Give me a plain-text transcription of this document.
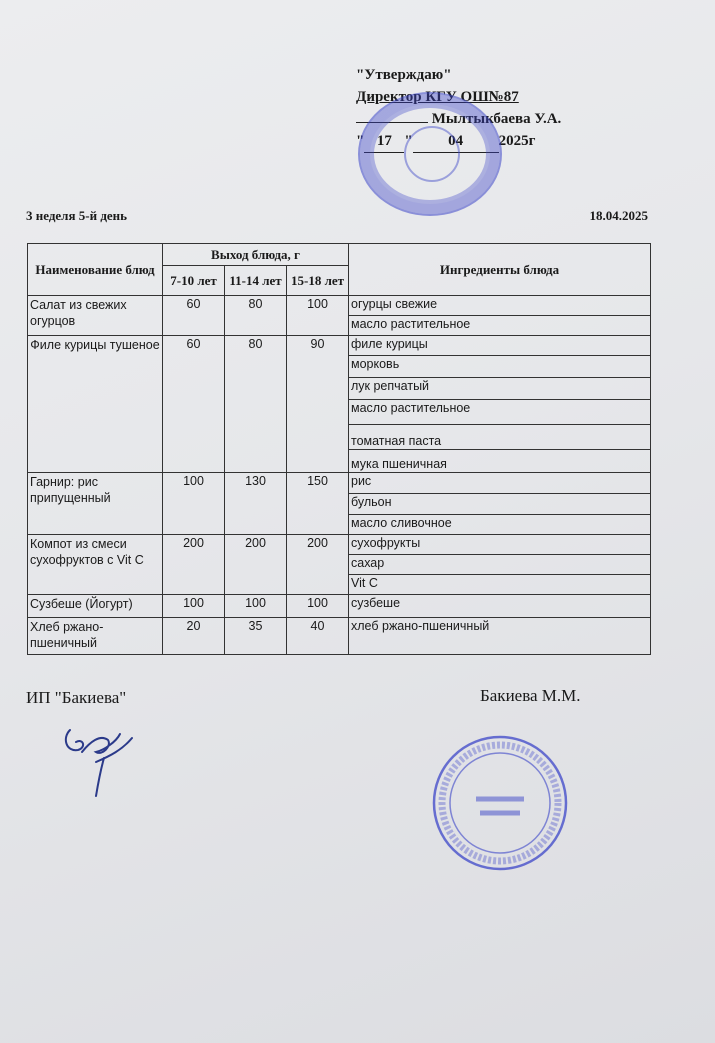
"Утверждаю"
Директор КГУ ОШ№87
Мылтыкбаева У.А.
" 17 " 04 2025г
3 неделя 5-й день	18.04.2025
Наименование блюд	Выход блюда, г			Ингредиенты блюда
	7-10 лет	11-14 лет	15-18 лет	
Салат из свежих огурцов	60	80	100	огурцы свежие
				масло растительное
Филе курицы тушеное	60	80	90	филе курицы
				морковь
				лук репчатый
				масло растительное
				томатная паста
				мука пшеничная
Гарнир: рис припущенный	100	130	150	рис
				бульон
				масло сливочное
Компот из смеси сухофруктов с Vit C	200	200	200	сухофрукты
				сахар
				Vit C
Сузбеше (Йогурт)	100	100	100	сузбеше
Хлеб ржано-пшеничный	20	35	40	хлеб ржано-пшеничный
ИП "Бакиева"	Бакиева М.М.
